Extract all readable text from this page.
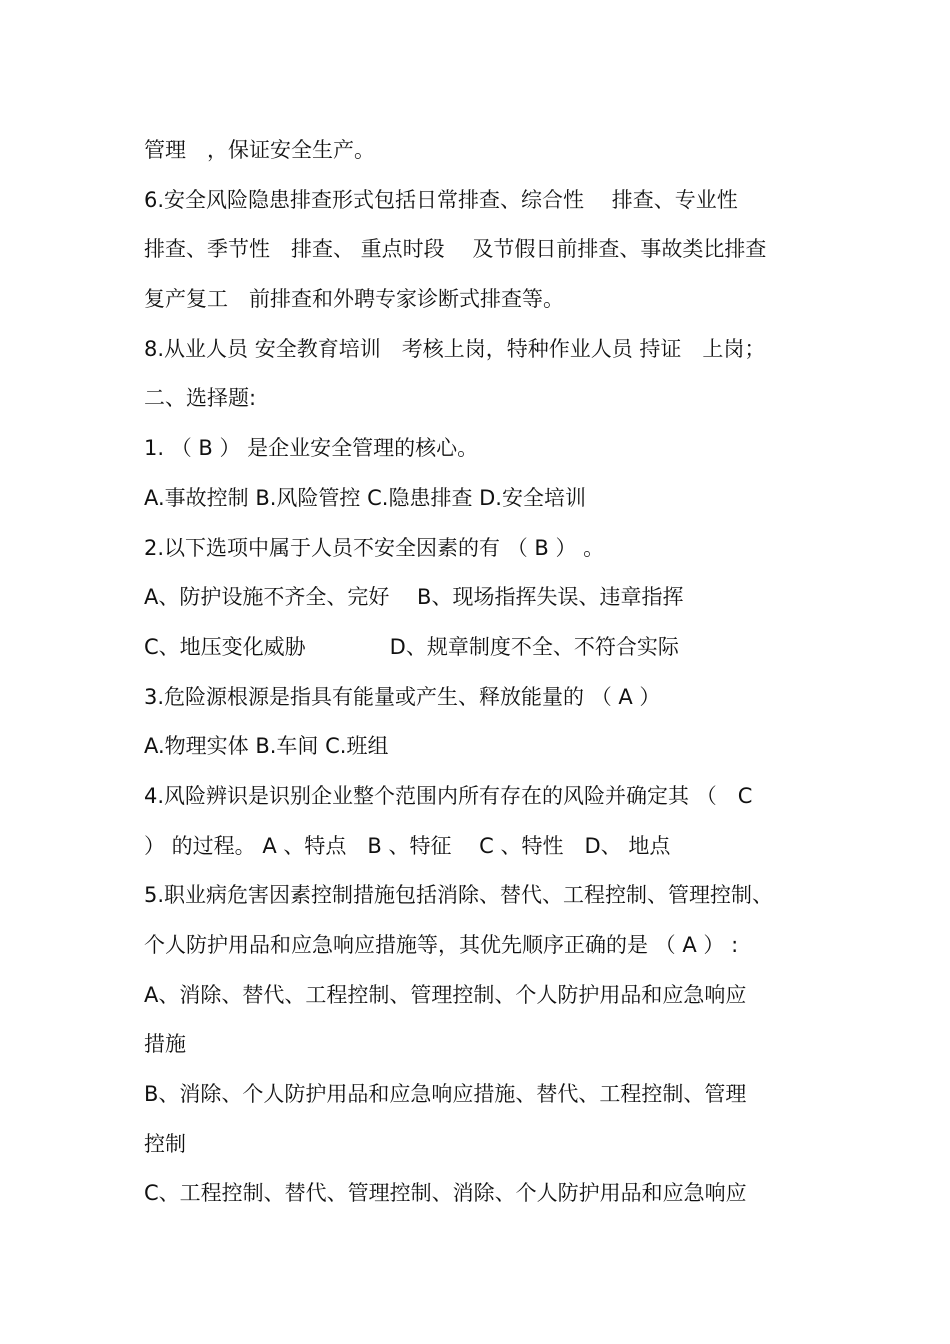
管理　，保证安全生产。
6.安全风险隐患排查形式包括日常排查、综合性　 排查、专业性
排查、季节性　排查、 重点时段　 及节假日前排查、事故类比排查
复产复工　前排查和外聘专家诊断式排查等。
8.从业人员 安全教育培训　考核上岗，特种作业人员 持证　上岗；
二、选择题:
1. （ B ） 是企业安全管理的核心。
A.事故控制 B.风险管控 C.隐患排查 D.安全培训
2.以下选项中属于人员不安全因素的有 （ B ） 。
A、防护设施不齐全、完好　 B、现场指挥失误、违章指挥
C、地压变化威胁　　　　D、规章制度不全、不符合实际
3.危险源根源是指具有能量或产生、释放能量的 （ A ）
A.物理实体 B.车间 C.班组
4.风险辨识是识别企业整个范围内所有存在的风险并确定其 （　C
） 的过程。 A 、特点　B 、特征　 C 、特性　D、 地点
5.职业病危害因素控制措施包括消除、替代、工程控制、管理控制、
个人防护用品和应急响应措施等，其优先顺序正确的是 （ A ） :
A、消除、替代、工程控制、管理控制、个人防护用品和应急响应
措施
B、消除、个人防护用品和应急响应措施、替代、工程控制、管理
控制
C、工程控制、替代、管理控制、消除、个人防护用品和应急响应
